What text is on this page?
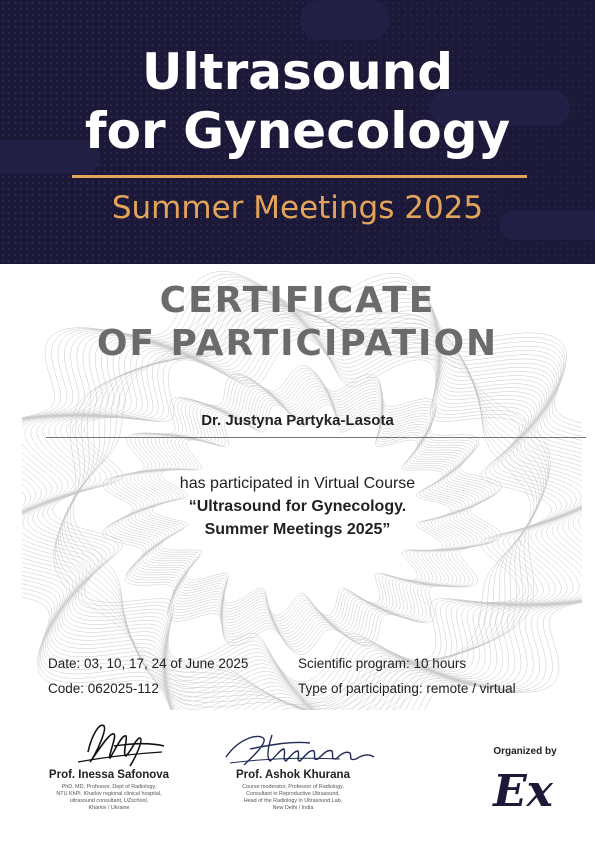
Ultrasound
for Gynecology
Summer Meetings 2025
CERTIFICATE
OF PARTICIPATION
Dr. Justyna Partyka-Lasota
has participated in Virtual Course
“Ultrasound for Gynecology.
Summer Meetings 2025”
Date: 03, 10, 17, 24 of June 2025
Code: 062025-112
Scientific program: 10 hours
Type of participating: remote / virtual
Prof. Inessa Safonova
PhD, MD, Professor, Dept of Radiology,
NTU KhPI, Kharkiv regional clinical hospital,
ultrasound consultant, UZschool,
Kharkiv / Ukraine
Prof. Ashok Khurana
Course moderator, Professor of Radiology,
Consultant in Reproductive Ultrasound,
Head of the Radiology in Ultrasound Lab,
New Delhi / India
Organized by
Ex
